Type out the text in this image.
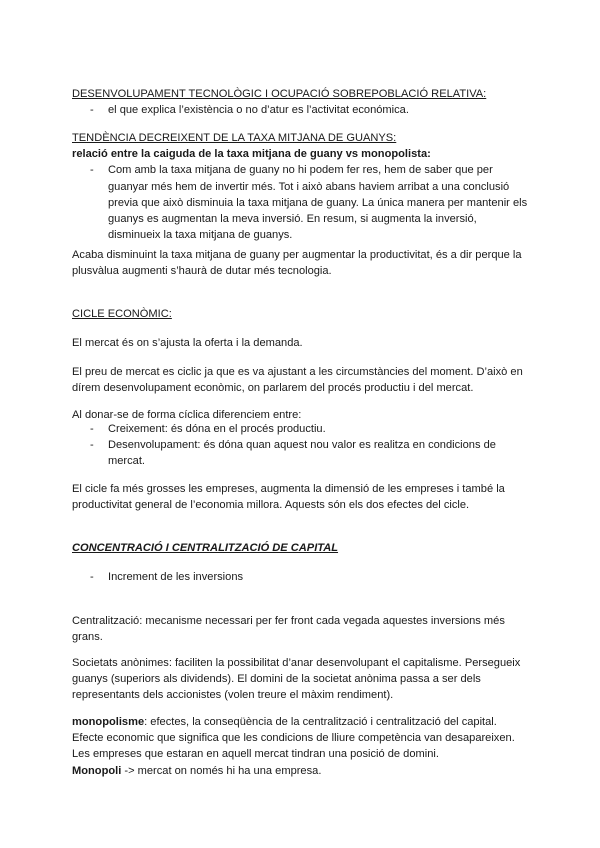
DESENVOLUPAMENT TECNOLÒGIC I OCUPACIÓ SOBREPOBLACIÓ RELATIVA:

- el que explica l’existència o no d’atur es l’activitat económica.

TENDÈNCIA DECREIXENT DE LA TAXA MITJANA DE GUANYS:

relació entre la caiguda de la taxa mitjana de guany vs monopolista:

- Com amb la taxa mitjana de guany no hi podem fer res, hem de saber que per guanyar més hem de invertir més. Tot i això abans haviem arribat a una conclusió previa que això disminuia la taxa mitjana de guany. La única manera per mantenir els guanys es augmentan la meva inversió. En resum, si augmenta la inversió, disminueix la taxa mitjana de guanys.

Acaba disminuint la taxa mitjana de guany per augmentar la productivitat, és a dir perque la plusvàlua augmenti s’haurà de dutar més tecnologia.

CICLE ECONÒMIC:

El mercat és on s’ajusta la oferta i la demanda.

El preu de mercat es ciclic ja que es va ajustant a les circumstàncies del moment. D’això en dírem desenvolupament econòmic, on parlarem del procés productiu i del mercat.

Al donar-se de forma cíclica diferenciem entre:

- Creixement: és dóna en el procés productiu.
- Desenvolupament: és dóna quan aquest nou valor es realitza en condicions de mercat.

El cicle fa més grosses les empreses, augmenta la dimensió de les empreses i també la productivitat general de l’economia millora. Aquests són els dos efectes del cicle.

CONCENTRACIÓ I CENTRALITZACIÓ DE CAPITAL

- Increment de les inversions

Centralització: mecanisme necessari per fer front cada vegada aquestes inversions més grans.

Societats anònimes: faciliten la possibilitat d’anar desenvolupant el capitalisme. Persegueix guanys (superiors als dividends). El domini de la societat anònima passa a ser dels representants dels accionistes (volen treure el màxim rendiment).

monopolisme: efectes, la conseqüència de la centralització i centralització del capital.

Efecte economic que significa que les condicions de lliure competència van desapareixen.

Les empreses que estaran en aquell mercat tindran una posició de domini.

Monopoli -> mercat on només hi ha una empresa.
